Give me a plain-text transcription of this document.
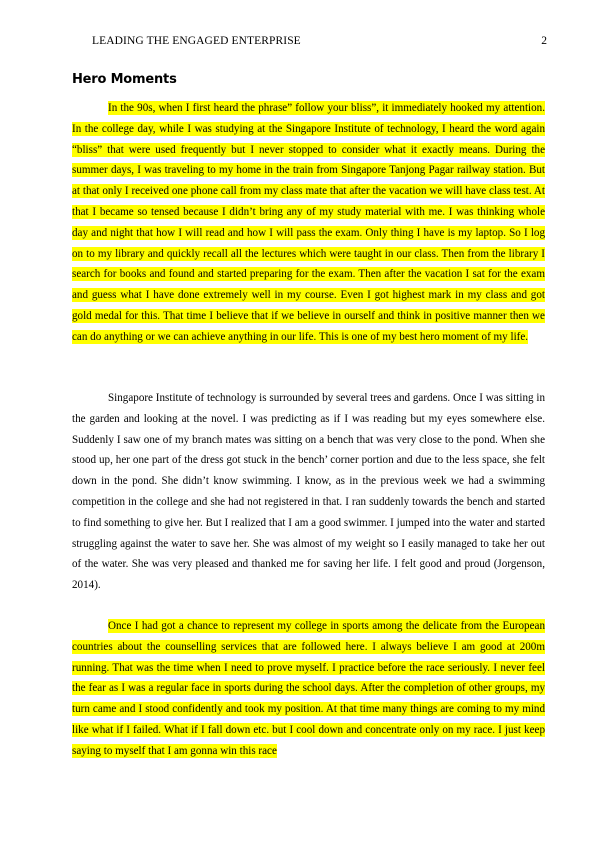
LEADING THE ENGAGED ENTERPRISE	2
Hero Moments

In the 90s, when I first heard the phrase” follow your bliss”, it immediately hooked my attention. In the college day, while I was studying at the Singapore Institute of technology, I heard the word again “bliss” that were used frequently but I never stopped to consider what it exactly means. During the summer days, I was traveling to my home in the train from Singapore Tanjong Pagar railway station. But at that only I received one phone call from my class mate that after the vacation we will have class test. At that I became so tensed because I didn’t bring any of my study material with me. I was thinking whole day and night that how I will read and how I will pass the exam. Only thing I have is my laptop. So I log on to my library and quickly recall all the lectures which were taught in our class. Then from the library I search for books and found and started preparing for the exam. Then after the vacation I sat for the exam and guess what I have done extremely well in my course. Even I got highest mark in my class and got gold medal for this. That time I believe that if we believe in ourself and think in positive manner then we can do anything or we can achieve anything in our life. This is one of my best hero moment of my life.

Singapore Institute of technology is surrounded by several trees and gardens. Once I was sitting in the garden and looking at the novel. I was predicting as if I was reading but my eyes somewhere else. Suddenly I saw one of my branch mates was sitting on a bench that was very close to the pond. When she stood up, her one part of the dress got stuck in the bench’ corner portion and due to the less space, she felt down in the pond. She didn’t know swimming. I know, as in the previous week we had a swimming competition in the college and she had not registered in that. I ran suddenly towards the bench and started to find something to give her. But I realized that I am a good swimmer. I jumped into the water and started struggling against the water to save her. She was almost of my weight so I easily managed to take her out of the water. She was very pleased and thanked me for saving her life. I felt good and proud (Jorgenson, 2014).

Once I had got a chance to represent my college in sports among the delicate from the European countries about the counselling services that are followed here. I always believe I am good at 200m running. That was the time when I need to prove myself. I practice before the race seriously. I never feel the fear as I was a regular face in sports during the school days. After the completion of other groups, my turn came and I stood confidently and took my position. At that time many things are coming to my mind like what if I failed. What if I fall down etc. but I cool down and concentrate only on my race. I just keep saying to myself that I am gonna win this race
